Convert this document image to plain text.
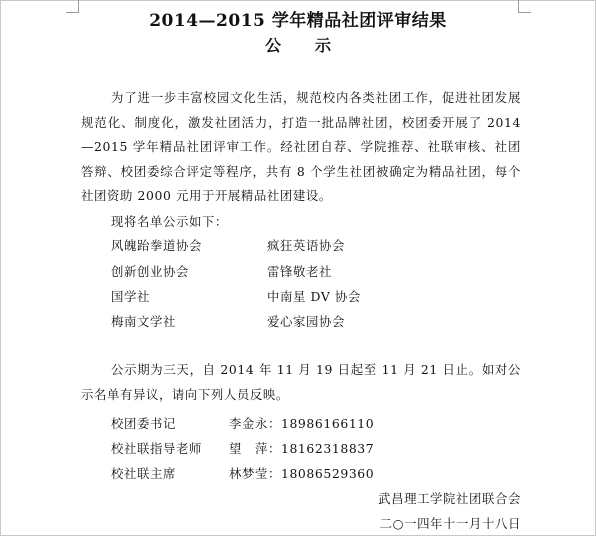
2014—2015 学年精品社团评审结果
公 示
为了进一步丰富校园文化生活，规范校内各类社团工作，促进社团发展规范化、制度化，激发社团活力，打造一批品牌社团，校团委开展了 2014—2015 学年精品社团评审工作。经社团自荐、学院推荐、社联审核、社团答辩、校团委综合评定等程序，共有 8 个学生社团被确定为精品社团，每个社团资助 2000 元用于开展精品社团建设。
现将名单公示如下：
风魄跆拳道协会	疯狂英语协会
创新创业协会	雷锋敬老社
国学社	中南星 DV 协会
梅南文学社	爱心家园协会
公示期为三天，自 2014 年 11 月 19 日起至 11 月 21 日止。如对公示名单有异议，请向下列人员反映。
校团委书记	李金永：18986166110
校社联指导老师 望　萍：18162318837
校社联主席	林梦莹：18086529360
武昌理工学院社团联合会
二○一四年十一月十八日
